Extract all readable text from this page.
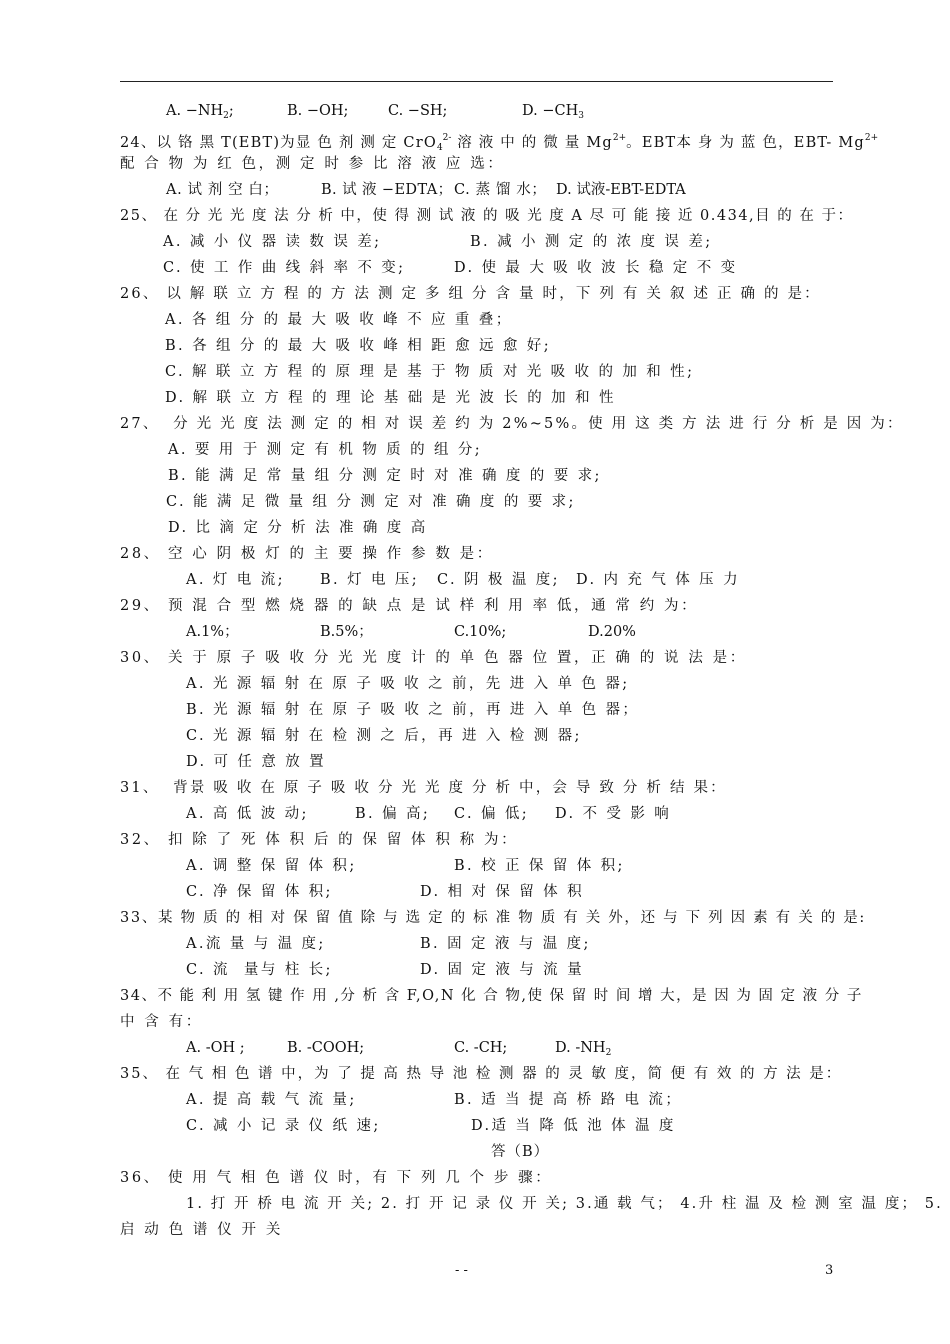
A. $-NH_2$;	B. −OH;	C. −SH;	D. $-CH_3$
24、以 铬 黑 T(EBT)为显 色 剂 测 定 CrO$_4^{2-}$ 溶 液 中 的 微 量 $Mg^{2+}$。EBT本 身 为 蓝 色，EBT- $Mg^{2+}$
配 合 物 为 红 色，测 定 时 参 比 溶 液 应 选：
A. 试 剂 空 白；	B. 试 液 −EDTA； C. 蒸 馏 水； D. 试液-EBT-EDTA
25、 在 分 光 光 度 法 分 析 中，使 得 测 试 液 的 吸 光 度 A 尽 可 能 接 近 0.434,目 的 在 于：
A. 减 小 仪 器 读 数 误 差;	B. 减 小 测 定 的 浓 度 误 差;
C. 使 工 作 曲 线 斜 率 不 变;	D. 使 最 大 吸 收 波 长 稳 定 不 变
26、 以 解 联 立 方 程 的 方 法 测 定 多 组 分 含 量 时，下 列 有 关 叙 述 正 确 的 是：
A. 各 组 分 的 最 大 吸 收 峰 不 应 重 叠；
B. 各 组 分 的 最 大 吸 收 峰 相 距 愈 远 愈 好;
C. 解 联 立 方 程 的 原 理 是 基 于 物 质 对 光 吸 收 的 加 和 性;
D. 解 联 立 方 程 的 理 论 基 础 是 光 波 长 的 加 和 性
27、  分 光 光 度 法 测 定 的 相 对 误 差 约 为 2%~5%。使 用 这 类 方 法 进 行 分 析 是 因 为：
A. 要 用 于 测 定 有 机 物 质 的 组 分;
B. 能 满 足 常 量 组 分 测 定 时 对 准 确 度 的 要 求;
C. 能 满 足 微 量 组 分 测 定 对 准 确 度 的 要 求;
D. 比 滴 定 分 析 法 准 确 度 高
28、 空 心 阴 极 灯 的 主 要 操 作 参 数 是：
A. 灯 电 流; B. 灯 电 压; C. 阴 极 温 度; D. 内 充 气 体 压 力
29、 预 混 合 型 燃 烧 器 的 缺 点 是 试 样 利 用 率 低，通 常 约 为：
A.1%；	B.5%；	C.10%;	D.20%
30、 关 于 原 子 吸 收 分 光 光 度 计 的 单 色 器 位 置，正 确 的 说 法 是：
A. 光 源 辐 射 在 原 子 吸 收 之 前，先 进 入 单 色 器;
B. 光 源 辐 射 在 原 子 吸 收 之 前，再 进 入 单 色 器；
C. 光 源 辐 射 在 检 测 之 后，再 进 入 检 测 器;
D. 可 任 意 放 置
31、  背景 吸 收 在 原 子 吸 收 分 光 光 度 分 析 中，会 导 致 分 析 结 果：
A. 高 低 波 动;	B. 偏 高; C. 偏 低; D. 不 受 影 响
32、 扣 除 了 死 体 积 后 的 保 留 体 积 称 为：
A. 调 整 保 留 体 积;	B. 校 正 保 留 体 积;
C. 净 保 留 体 积;	D. 相 对 保 留 体 积
33、某 物 质 的 相 对 保 留 值 除 与 选 定 的 标 准 物 质 有 关 外，还 与 下 列 因 素 有 关 的 是:
A.流 量 与 温 度;	B. 固 定 液 与 温 度;
C. 流  量与 柱 长;	D. 固 定 液 与 流 量
34、不 能 利 用 氢 键 作 用 ,分 析 含 F,O,N 化 合 物,使 保 留 时 间 增 大，是 因 为 固 定 液 分 子
中 含 有：
A. -OH ;	B. -COOH;	C. -CH;	D. $-NH_2$
35、 在 气 相 色 谱 中，为 了 提 高 热 导 池 检 测 器 的 灵 敏 度，简 便 有 效 的 方 法 是：
A. 提 高 载 气 流 量;	B. 适 当 提 高 桥 路 电 流；
C. 减 小 记 录 仪 纸 速;	D.适 当 降 低 池 体 温 度
答（B）
36、 使 用 气 相 色 谱 仪 时，有 下 列 几 个 步 骤：
1. 打 开 桥 电 流 开 关; 2. 打 开 记 录 仪 开 关; 3.通 载 气； 4.升 柱 温 及 检 测 室 温 度； 5.
启 动 色 谱 仪 开 关
- -	3
